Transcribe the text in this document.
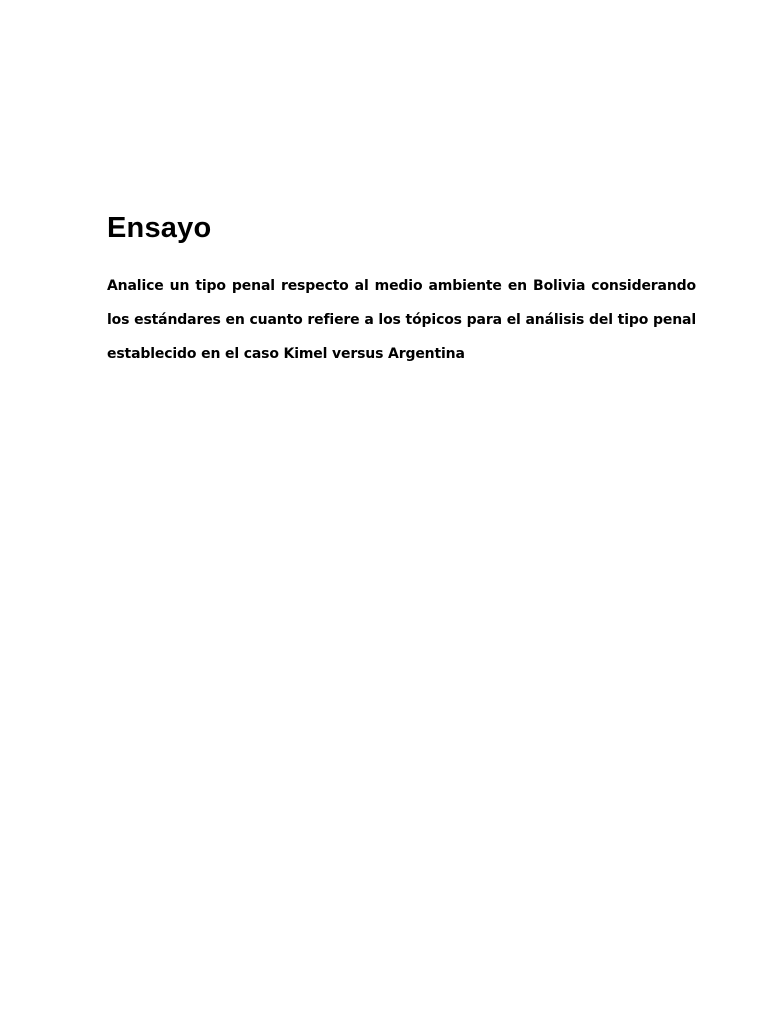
Ensayo

Analice un tipo penal respecto al medio ambiente en Bolivia considerando los estándares en cuanto refiere a los tópicos para el análisis del tipo penal establecido en el caso Kimel versus Argentina
